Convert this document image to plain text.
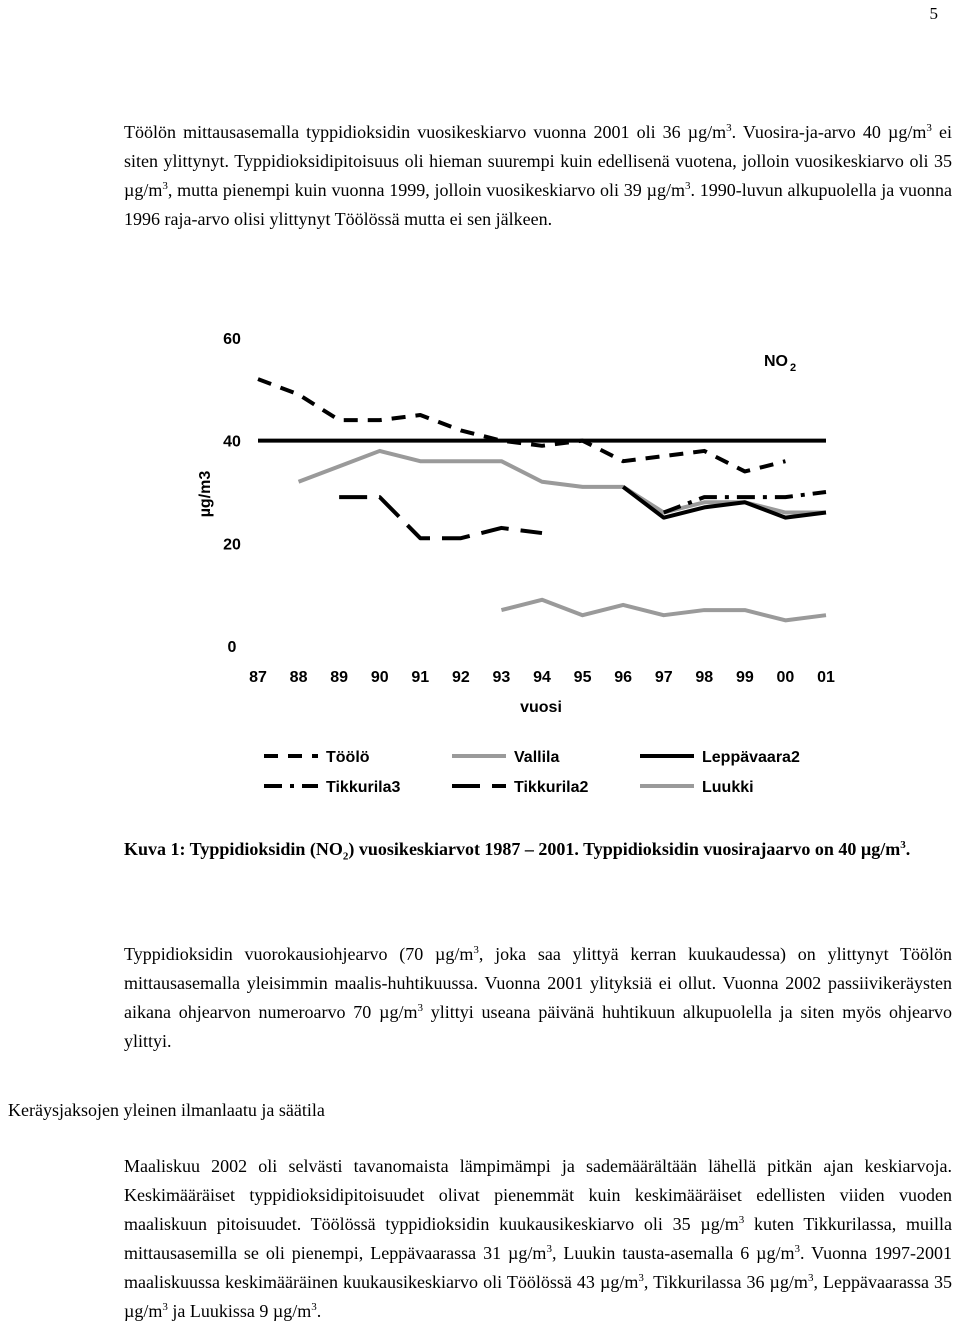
5

Töölön mittausasemalla typpidioksidin vuosikeskiarvo vuonna 2001 oli 36 $\mu g/m^3$. Vuosira-ja-arvo 40 $\mu g/m^3$ ei siten ylittynyt. Typpidioksidipitoisuus oli hieman suurempi kuin edellisenä vuotena, jolloin vuosikeskiarvo oli 35 $\mu g/m^3$, mutta pienempi kuin vuonna 1999, jolloin vuosikeskiarvo oli 39 $\mu g/m^3$. 1990-luvun alkupuolella ja vuonna 1996 raja-arvo olisi ylittynyt Töölössä mutta ei sen jälkeen.

0
20
40
60
87 88 89 90 91 92 93 94 95 96 97 98 99 00 01
µg/m3
vuosi
NO 2
Töölö	Vallila	Leppävaara2
Tikkurila3	Tikkurila2	Luukki

Kuva 1: Typpidioksidin $(NO_2)$ vuosikeskiarvot 1987 – 2001. Typpidioksidin vuosirajaarvo on 40 $\mu g/m^3$.

Typpidioksidin vuorokausiohjearvo (70 $\mu g/m^3$, joka saa ylittyä kerran kuukaudessa) on ylittynyt Töölön mittausasemalla yleisimmin maalis-huhtikuussa. Vuonna 2001 ylityksiä ei ollut. Vuonna 2002 passiivikeräysten aikana ohjearvon numeroarvo 70 $\mu g/m^3$ ylittyi useana päivänä huhtikuun alkupuolella ja siten myös ohjearvo ylittyi.

Keräysjaksojen yleinen ilmanlaatu ja säätila

Maaliskuu 2002 oli selvästi tavanomaista lämpimämpi ja sademäärältään lähellä pitkän ajan keskiarvoja. Keskimääräiset typpidioksidipitoisuudet olivat pienemmät kuin keskimääräiset edellisten viiden vuoden maaliskuun pitoisuudet. Töölössä typpidioksidin kuukausikeskiarvo oli 35 $\mu g/m^3$ kuten Tikkurilassa, muilla mittausasemilla se oli pienempi, Leppävaarassa 31 $\mu g/m^3$, Luukin tausta-asemalla 6 $\mu g/m^3$. Vuonna 1997-2001 maaliskuussa keskimääräinen kuukausikeskiarvo oli Töölössä 43 $\mu g/m^3$, Tikkurilassa 36 $\mu g/m^3$, Leppävaarassa 35 $\mu g/m^3$ ja Luukissa 9 $\mu g/m^3$.
